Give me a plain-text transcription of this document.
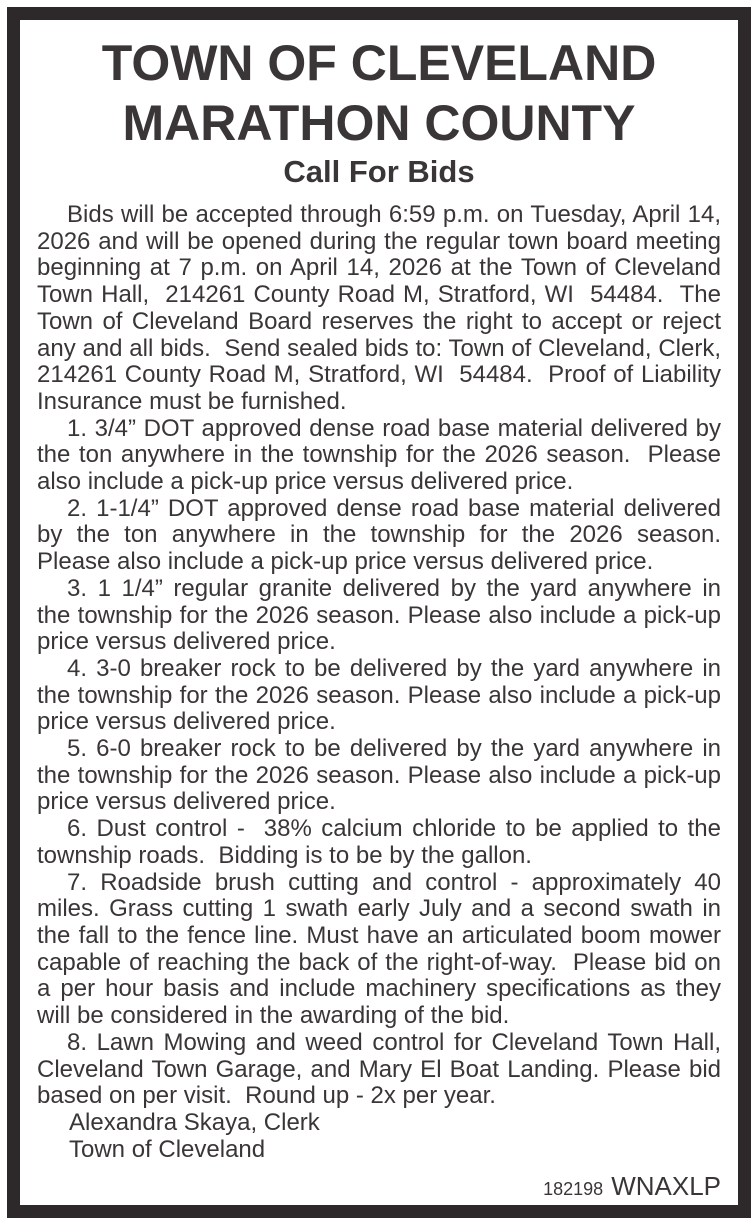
TOWN OF CLEVELAND
MARATHON COUNTY
Call For Bids

Bids will be accepted through 6:59 p.m. on Tuesday, April 14, 2026 and will be opened during the regular town board meeting beginning at 7 p.m. on April 14, 2026 at the Town of Cleveland Town Hall,  214261 County Road M, Stratford, WI  54484.  The Town of Cleveland Board reserves the right to accept or reject any and all bids.  Send sealed bids to: Town of Cleveland, Clerk, 214261 County Road M, Stratford, WI  54484.  Proof of Liability Insurance must be furnished.

1. 3/4” DOT approved dense road base material delivered by the ton anywhere in the township for the 2026 season.  Please also include a pick-up price versus delivered price.

2. 1-1/4” DOT approved dense road base material delivered by the ton anywhere in the township for the 2026 season. Please also include a pick-up price versus delivered price.

3. 1 1/4” regular granite delivered by the yard anywhere in the township for the 2026 season. Please also include a pick-up price versus delivered price.

4. 3-0 breaker rock to be delivered by the yard anywhere in the township for the 2026 season. Please also include a pick-up price versus delivered price.

5. 6-0 breaker rock to be delivered by the yard anywhere in the township for the 2026 season. Please also include a pick-up price versus delivered price.

6. Dust control -  38% calcium chloride to be applied to the township roads.  Bidding is to be by the gallon.

7. Roadside brush cutting and control - approximately 40 miles. Grass cutting 1 swath early July and a second swath in the fall to the fence line. Must have an articulated boom mower capable of reaching the back of the right-of-way.  Please bid on a per hour basis and include machinery specifications as they will be considered in the awarding of the bid.

8. Lawn Mowing and weed control for Cleveland Town Hall, Cleveland Town Garage, and Mary El Boat Landing. Please bid based on per visit.  Round up - 2x per year.

Alexandra Skaya, Clerk

Town of Cleveland

182198 WNAXLP
